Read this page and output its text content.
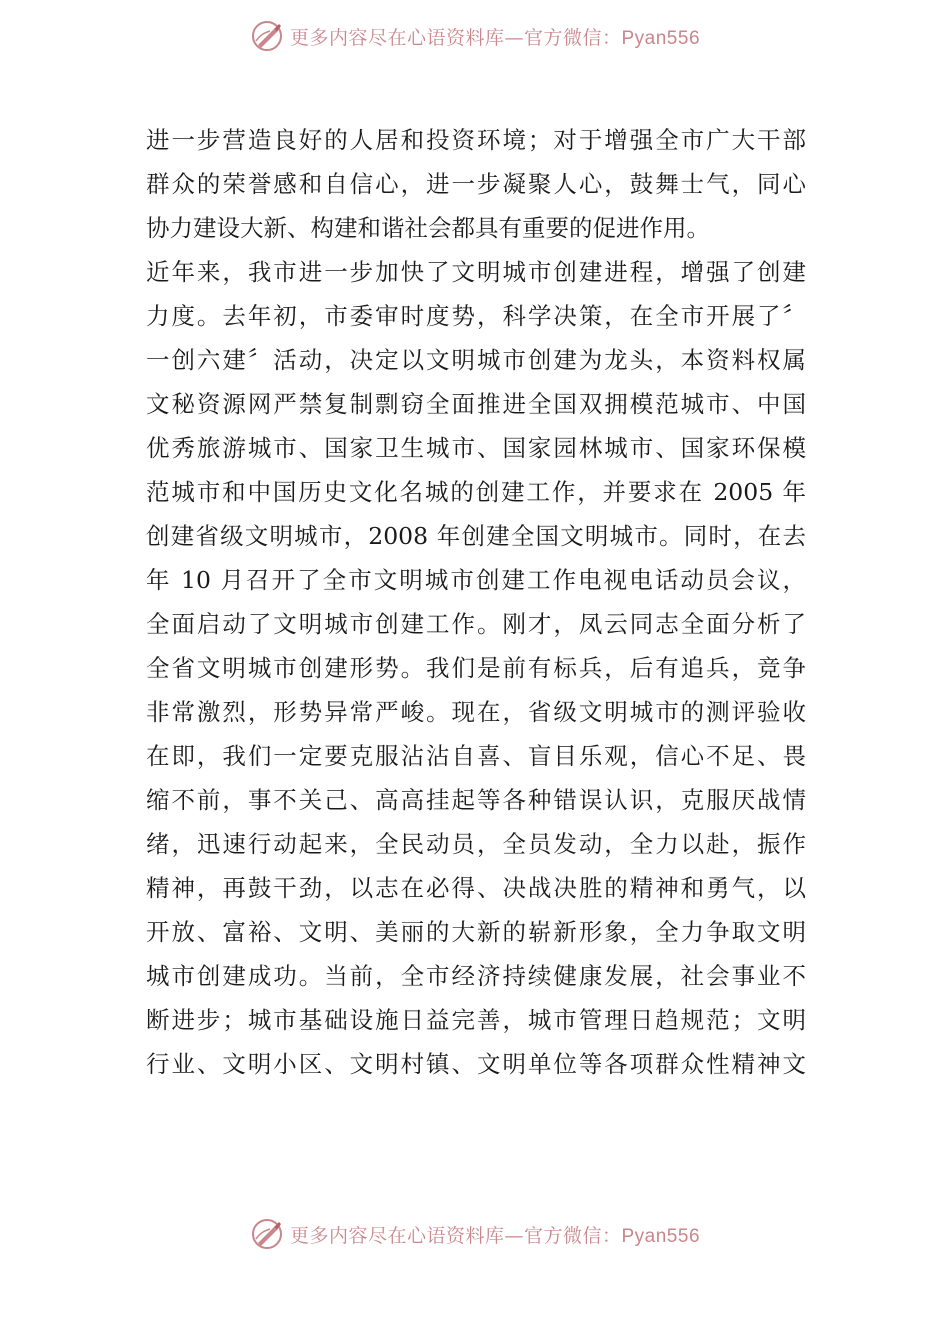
更多内容尽在心语资料库—官方微信：Pyan556
进一步营造良好的人居和投资环境；对于增强全市广大干部
群众的荣誉感和自信心，进一步凝聚人心，鼓舞士气，同心
协力建设大新、构建和谐社会都具有重要的促进作用。
近年来，我市进一步加快了文明城市创建进程，增强了创建
力度。去年初，市委审时度势，科学决策，在全市开展了〞
一创六建〞活动，决定以文明城市创建为龙头，本资料权属
文秘资源网严禁复制剽窃全面推进全国双拥模范城市、中国
优秀旅游城市、国家卫生城市、国家园林城市、国家环保模
范城市和中国历史文化名城的创建工作，并要求在 2005 年
创建省级文明城市，2008 年创建全国文明城市。同时，在去
年 10 月召开了全市文明城市创建工作电视电话动员会议，
全面启动了文明城市创建工作。刚才，凤云同志全面分析了
全省文明城市创建形势。我们是前有标兵，后有追兵，竞争
非常激烈，形势异常严峻。现在，省级文明城市的测评验收
在即，我们一定要克服沾沾自喜、盲目乐观，信心不足、畏
缩不前，事不关己、高高挂起等各种错误认识，克服厌战情
绪，迅速行动起来，全民动员，全员发动，全力以赴，振作
精神，再鼓干劲，以志在必得、决战决胜的精神和勇气，以
开放、富裕、文明、美丽的大新的崭新形象，全力争取文明
城市创建成功。当前，全市经济持续健康发展，社会事业不
断进步；城市基础设施日益完善，城市管理日趋规范；文明
行业、文明小区、文明村镇、文明单位等各项群众性精神文
更多内容尽在心语资料库—官方微信：Pyan556
